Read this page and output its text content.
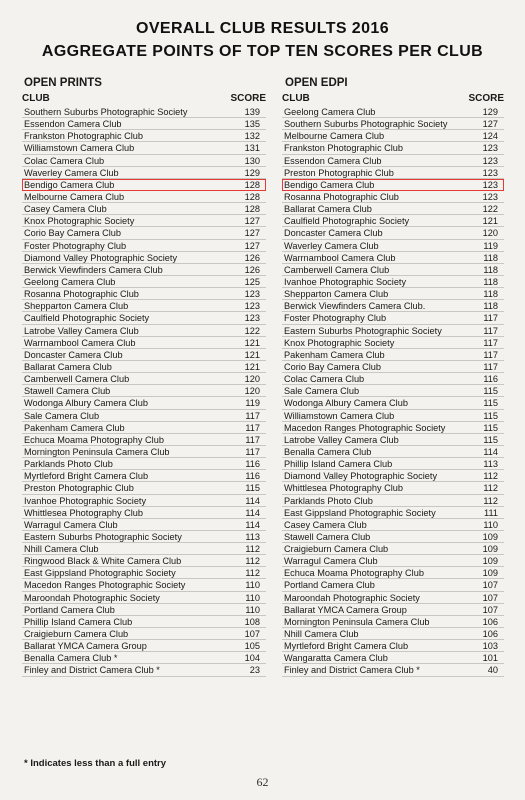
OVERALL CLUB RESULTS 2016
AGGREGATE POINTS OF TOP TEN SCORES PER CLUB
OPEN PRINTS	OPEN EDPI
CLUB	SCORE
Southern Suburbs Photographic Society	139
Essendon Camera Club	135
Frankston Photographic Club	132
Williamstown Camera Club	131
Colac Camera Club	130
Waverley Camera Club	129
Bendigo Camera Club	128
Melbourne Camera Club	128
Casey Camera Club	128
Knox Photographic Society	127
Corio Bay Camera Club	127
Foster Photography Club	127
Diamond Valley Photographic Society	126
Berwick Viewfinders Camera Club	126
Geelong Camera Club	125
Rosanna Photographic Club	123
Shepparton Camera Club	123
Caulfield Photographic Society	123
Latrobe Valley Camera Club	122
Warrnambool Camera Club	121
Doncaster Camera Club	121
Ballarat Camera Club	121
Camberwell Camera Club	120
Stawell Camera Club	120
Wodonga Albury Camera Club	119
Sale Camera Club	117
Pakenham Camera Club	117
Echuca Moama Photography Club	117
Mornington Peninsula Camera Club	117
Parklands Photo Club	116
Myrtleford Bright Camera Club	116
Preston Photographic Club	115
Ivanhoe Photographic Society	114
Whittlesea Photography Club	114
Warragul Camera Club	114
Eastern Suburbs Photographic Society	113
Nhill Camera Club	112
Ringwood Black & White Camera Club	112
East Gippsland Photographic Society	112
Macedon Ranges Photographic Society	110
Maroondah Photographic Society	110
Portland Camera Club	110
Phillip Island Camera Club	108
Craigieburn Camera Club	107
Ballarat YMCA Camera Group	105
Benalla Camera Club *	104
Finley and District Camera Club *	23
CLUB	SCORE
Geelong Camera Club	129
Southern Suburbs Photographic Society	127
Melbourne Camera Club	124
Frankston Photographic Club	123
Essendon Camera Club	123
Preston Photographic Club	123
Bendigo Camera Club	123
Rosanna Photographic Club	123
Ballarat Camera Club	122
Caulfield Photographic Society	121
Doncaster Camera Club	120
Waverley Camera Club	119
Warrnambool Camera Club	118
Camberwell Camera Club	118
Ivanhoe Photographic Society	118
Shepparton Camera Club	118
Berwick Viewfinders Camera Club.	118
Foster Photography Club	117
Eastern Suburbs Photographic Society	117
Knox Photographic Society	117
Pakenham Camera Club	117
Corio Bay Camera Club	117
Colac Camera Club	116
Sale Camera Club	115
Wodonga Albury Camera Club	115
Williamstown Camera Club	115
Macedon Ranges Photographic Society	115
Latrobe Valley Camera Club	115
Benalla Camera Club	114
Phillip Island Camera Club	113
Diamond Valley Photographic Society	112
Whittlesea Photography Club	112
Parklands Photo Club	112
East Gippsland Photographic Society	111
Casey Camera Club	110
Stawell Camera Club	109
Craigieburn Camera Club	109
Warragul Camera Club	109
Echuca Moama Photography Club	109
Portland Camera Club	107
Maroondah Photographic Society	107
Ballarat YMCA Camera Group	107
Mornington Peninsula Camera Club	106
Nhill Camera Club	106
Myrtleford Bright Camera Club	103
Wangaratta Camera Club	101
Finley and District Camera Club *	40
* Indicates less than a full entry
62
